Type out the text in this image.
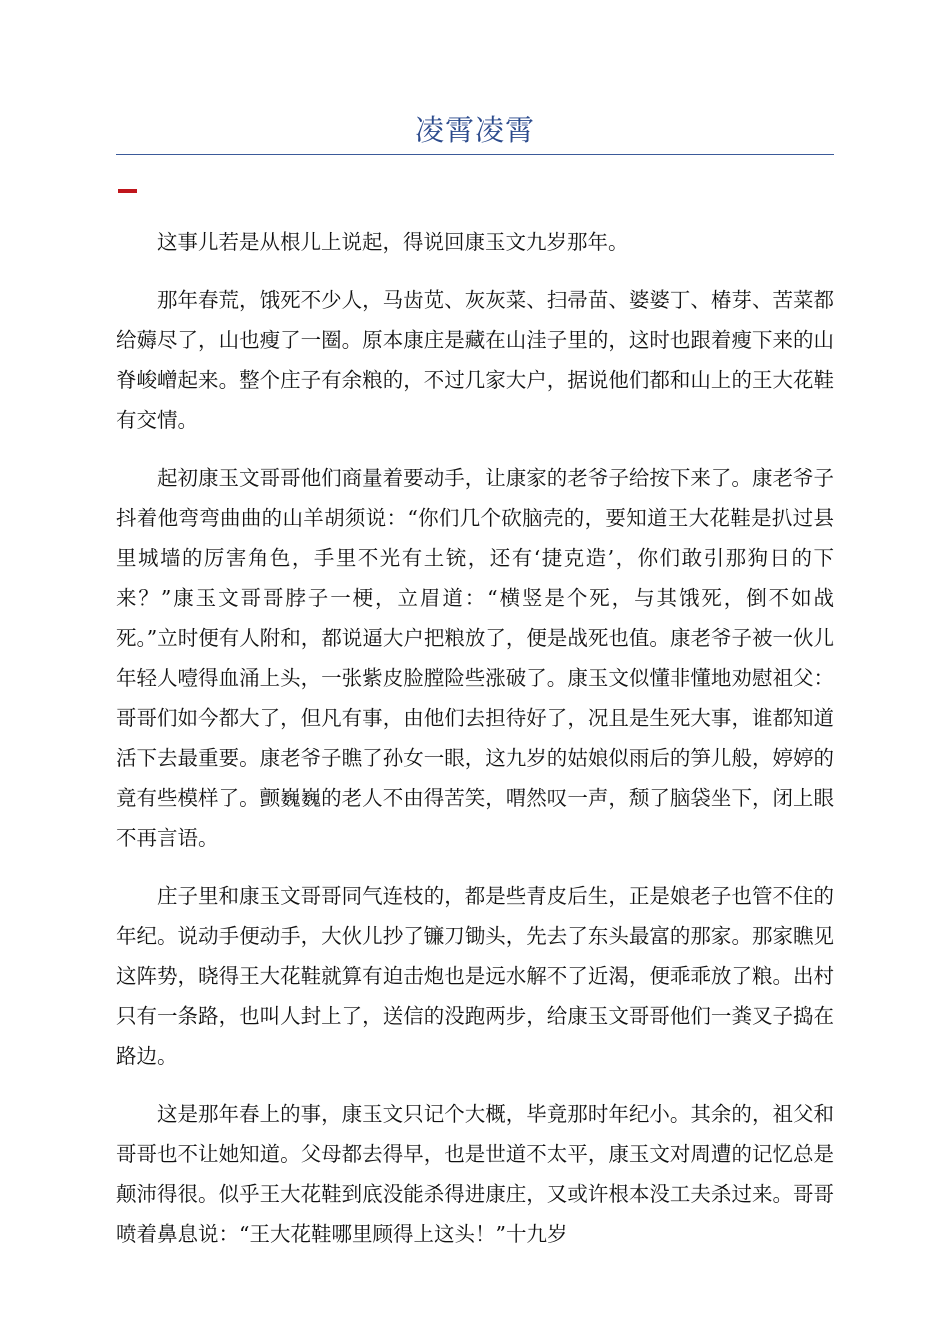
凌霄凌霄

这事儿若是从根儿上说起，得说回康玉文九岁那年。

那年春荒，饿死不少人，马齿苋、灰灰菜、扫帚苗、婆婆丁、椿芽、苦菜都给薅尽了，山也瘦了一圈。原本康庄是藏在山洼子里的，这时也跟着瘦下来的山脊峻嶒起来。整个庄子有余粮的，不过几家大户，据说他们都和山上的王大花鞋有交情。

起初康玉文哥哥他们商量着要动手，让康家的老爷子给按下来了。康老爷子抖着他弯弯曲曲的山羊胡须说：“你们几个砍脑壳的，要知道王大花鞋是扒过县里城墙的厉害角色，手里不光有土铳，还有‘捷克造’，你们敢引那狗日的下来？”康玉文哥哥脖子一梗，立眉道：“横竖是个死，与其饿死，倒不如战死。”立时便有人附和，都说逼大户把粮放了，便是战死也值。康老爷子被一伙儿年轻人噎得血涌上头，一张紫皮脸膛险些涨破了。康玉文似懂非懂地劝慰祖父：哥哥们如今都大了，但凡有事，由他们去担待好了，况且是生死大事，谁都知道活下去最重要。康老爷子瞧了孙女一眼，这九岁的姑娘似雨后的笋儿般，婷婷的竟有些模样了。颤巍巍的老人不由得苦笑，喟然叹一声，颓了脑袋坐下，闭上眼不再言语。

庄子里和康玉文哥哥同气连枝的，都是些青皮后生，正是娘老子也管不住的年纪。说动手便动手，大伙儿抄了镰刀锄头，先去了东头最富的那家。那家瞧见这阵势，晓得王大花鞋就算有迫击炮也是远水解不了近渴，便乖乖放了粮。出村只有一条路，也叫人封上了，送信的没跑两步，给康玉文哥哥他们一粪叉子捣在路边。

这是那年春上的事，康玉文只记个大概，毕竟那时年纪小。其余的，祖父和哥哥也不让她知道。父母都去得早，也是世道不太平，康玉文对周遭的记忆总是颠沛得很。似乎王大花鞋到底没能杀得进康庄，又或许根本没工夫杀过来。哥哥喷着鼻息说：“王大花鞋哪里顾得上这头！”十九岁
